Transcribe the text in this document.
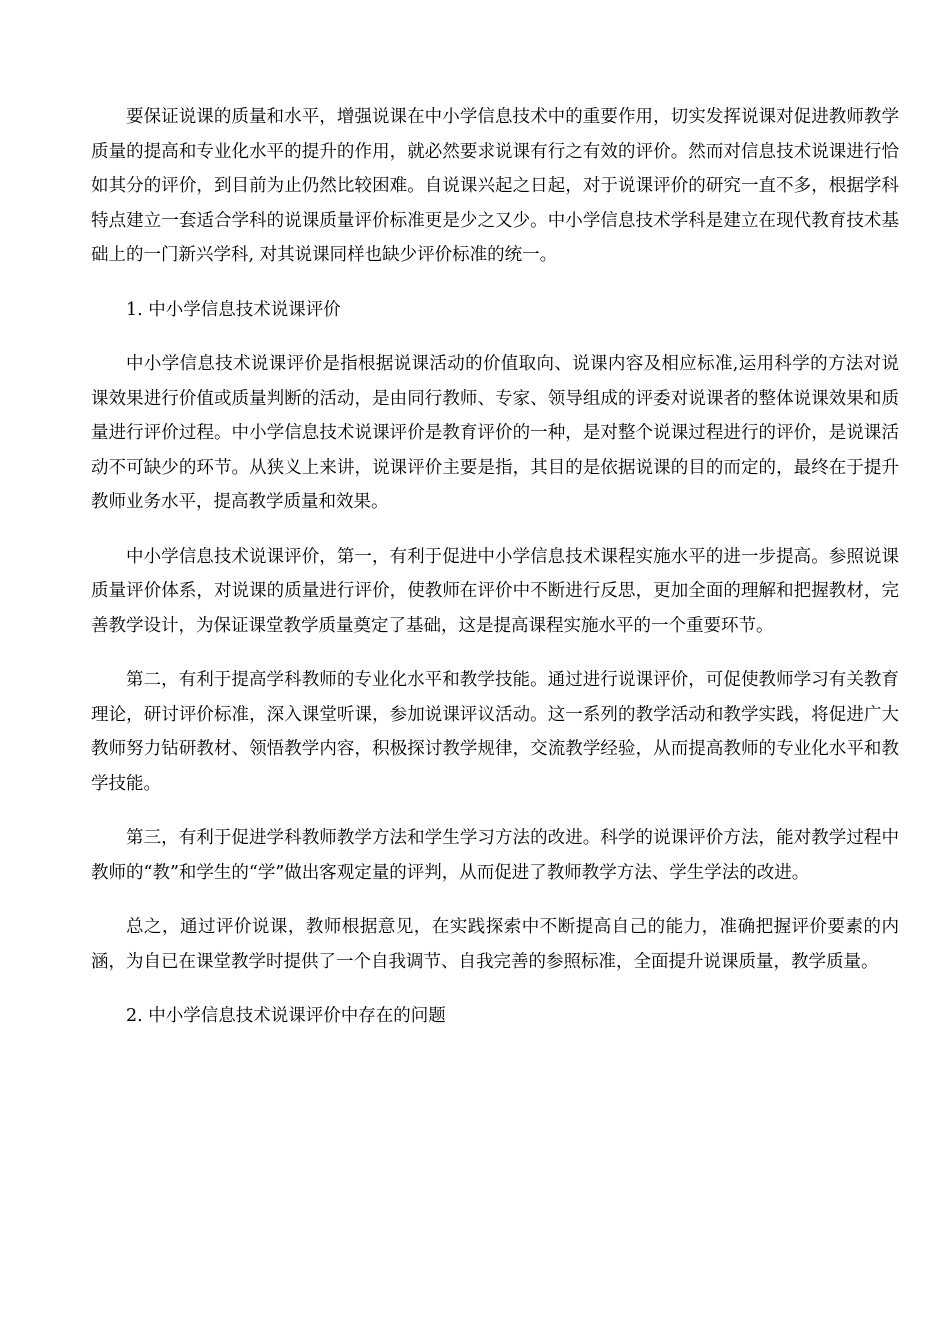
要保证说课的质量和水平，增强说课在中小学信息技术中的重要作用，切实发挥说课对促进教师教学质量的提高和专业化水平的提升的作用，就必然要求说课有行之有效的评价。然而对信息技术说课进行恰如其分的评价，到目前为止仍然比较困难。自说课兴起之日起，对于说课评价的研究一直不多，根据学科特点建立一套适合学科的说课质量评价标准更是少之又少。中小学信息技术学科是建立在现代教育技术基础上的一门新兴学科, 对其说课同样也缺少评价标准的统一。

1. 中小学信息技术说课评价

中小学信息技术说课评价是指根据说课活动的价值取向、说课内容及相应标准,运用科学的方法对说课效果进行价值或质量判断的活动，是由同行教师、专家、领导组成的评委对说课者的整体说课效果和质量进行评价过程。中小学信息技术说课评价是教育评价的一种，是对整个说课过程进行的评价，是说课活动不可缺少的环节。从狭义上来讲，说课评价主要是指，其目的是依据说课的目的而定的，最终在于提升教师业务水平，提高教学质量和效果。

中小学信息技术说课评价，第一，有利于促进中小学信息技术课程实施水平的进一步提高。参照说课质量评价体系，对说课的质量进行评价，使教师在评价中不断进行反思，更加全面的理解和把握教材，完善教学设计，为保证课堂教学质量奠定了基础，这是提高课程实施水平的一个重要环节。

第二，有利于提高学科教师的专业化水平和教学技能。通过进行说课评价，可促使教师学习有关教育理论，研讨评价标准，深入课堂听课，参加说课评议活动。这一系列的教学活动和教学实践，将促进广大教师努力钻研教材、领悟教学内容，积极探讨教学规律，交流教学经验，从而提高教师的专业化水平和教学技能。

第三，有利于促进学科教师教学方法和学生学习方法的改进。科学的说课评价方法，能对教学过程中教师的“教”和学生的“学”做出客观定量的评判，从而促进了教师教学方法、学生学法的改进。

总之，通过评价说课，教师根据意见，在实践探索中不断提高自己的能力，准确把握评价要素的内涵，为自已在课堂教学时提供了一个自我调节、自我完善的参照标准，全面提升说课质量，教学质量。

2. 中小学信息技术说课评价中存在的问题
